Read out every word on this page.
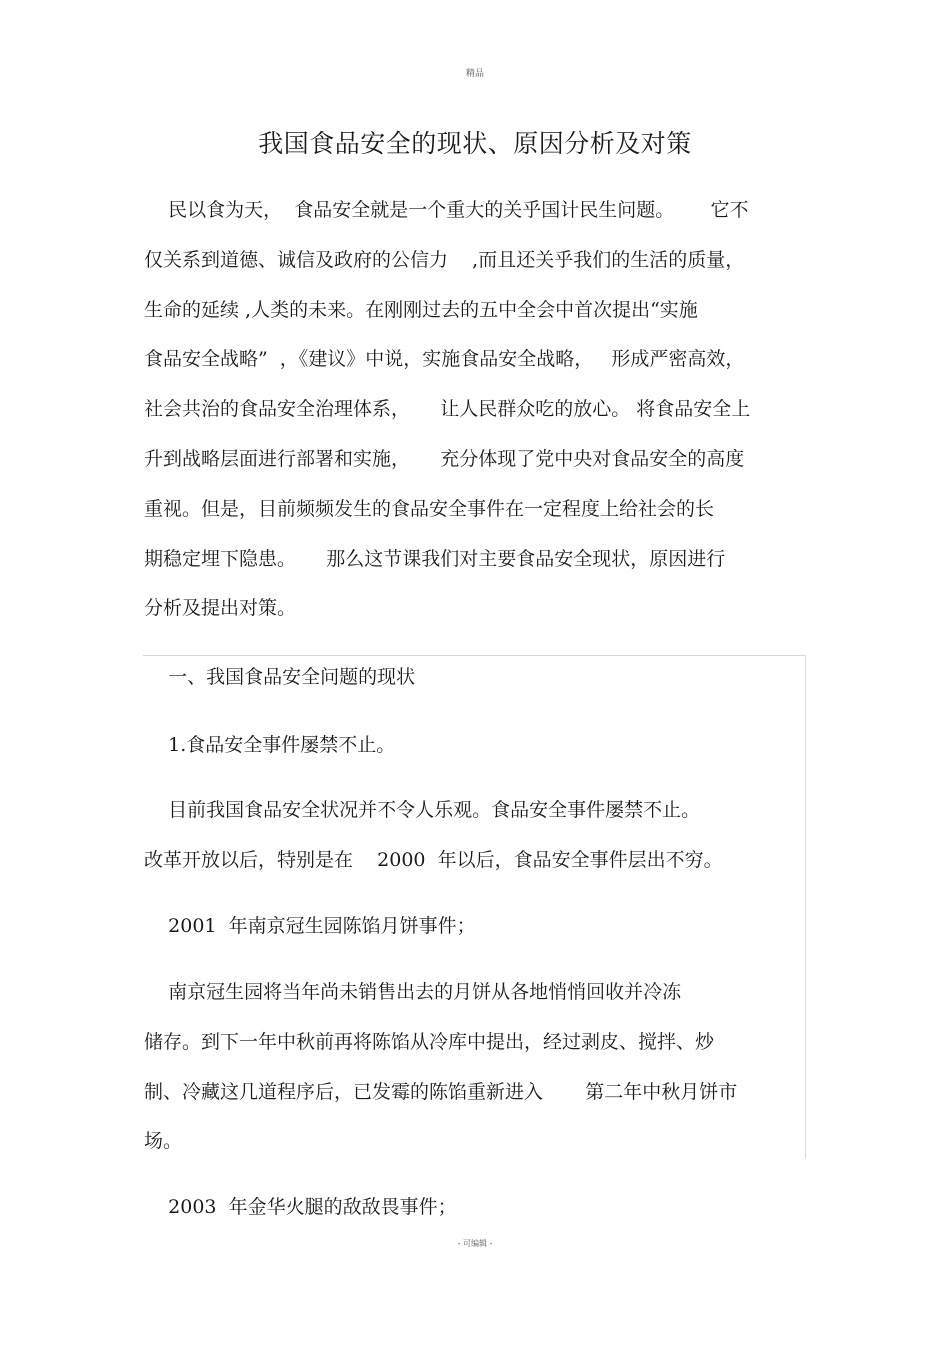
精品
我国食品安全的现状、原因分析及对策
民以食为天，  食品安全就是一个重大的关乎国计民生问题。      它不
仅关系到道德、诚信及政府的公信力    ,而且还关乎我们的生活的质量，
生命的延续 ,人类的未来。在刚刚过去的五中全会中首次提出“实施
食品安全战略”  ，《建议》中说，实施食品安全战略，   形成严密高效，
社会共治的食品安全治理体系，     让人民群众吃的放心。 将食品安全上
升到战略层面进行部署和实施，     充分体现了党中央对食品安全的高度
重视。但是，目前频频发生的食品安全事件在一定程度上给社会的长
期稳定埋下隐患。     那么这节课我们对主要食品安全现状，原因进行
分析及提出对策。
一、我国食品安全问题的现状
1.食品安全事件屡禁不止。
目前我国食品安全状况并不令人乐观。食品安全事件屡禁不止。
改革开放以后，特别是在    2000  年以后，食品安全事件层出不穷。
2001  年南京冠生园陈馅月饼事件；
南京冠生园将当年尚未销售出去的月饼从各地悄悄回收并冷冻
储存。到下一年中秋前再将陈馅从冷库中提出，经过剥皮、搅拌、炒
制、冷藏这几道程序后，已发霉的陈馅重新进入       第二年中秋月饼市
场。
2003  年金华火腿的敌敌畏事件；
- 可编辑 -
